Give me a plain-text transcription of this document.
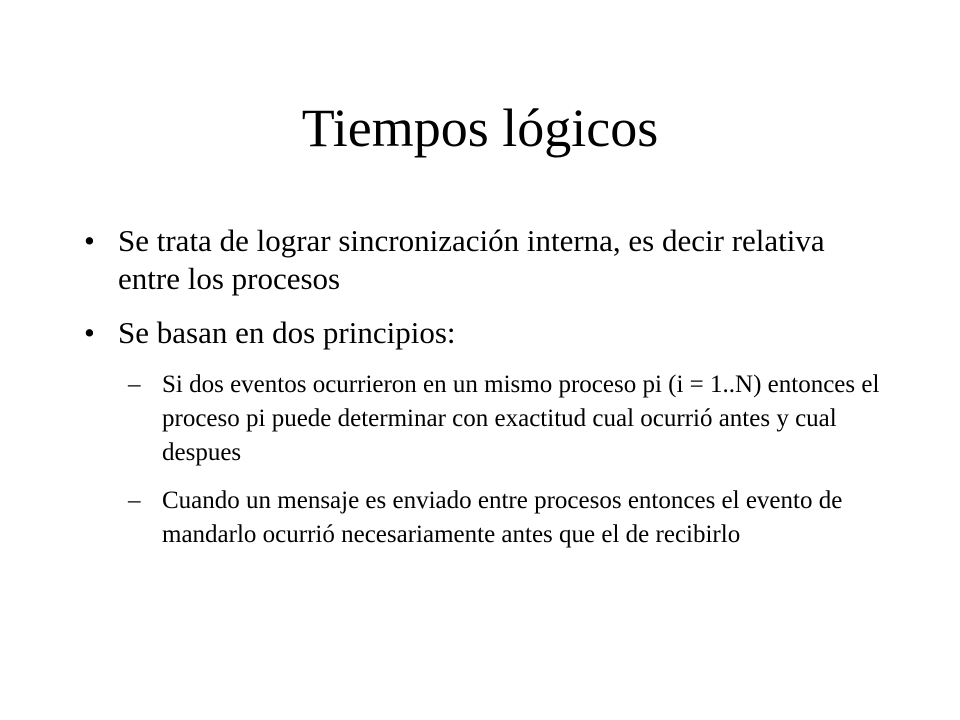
Tiempos lógicos
• Se trata de lograr sincronización interna, es decir relativa entre los procesos
• Se basan en dos principios:
– Si dos eventos ocurrieron en un mismo proceso pi (i = 1..N) entonces el proceso pi puede determinar con exactitud cual ocurrió antes y cual despues
– Cuando un mensaje es enviado entre procesos entonces el evento de mandarlo ocurrió necesariamente antes que el de recibirlo
